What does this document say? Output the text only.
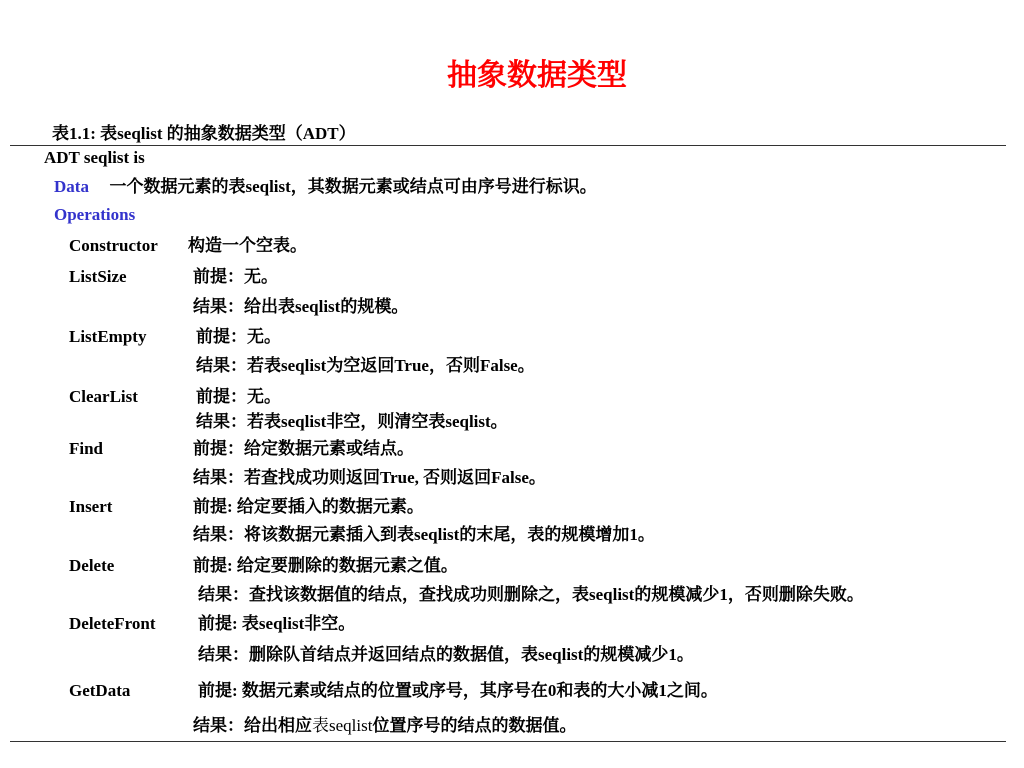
抽象数据类型
表1.1: 表seqlist 的抽象数据类型（ADT）
ADT seqlist is
Data 一个数据元素的表seqlist，其数据元素或结点可由序号进行标识。
Operations
Constructor 构造一个空表。
ListSize	前提：无。
结果：给出表seqlist的规模。
ListEmpty	前提：无。
结果：若表seqlist为空返回True，否则False。
ClearList	前提：无。
结果：若表seqlist非空，则清空表seqlist。
Find	前提：给定数据元素或结点。
结果：若查找成功则返回True, 否则返回False。
Insert	前提: 给定要插入的数据元素。
结果：将该数据元素插入到表seqlist的末尾，表的规模增加1。
Delete	前提: 给定要删除的数据元素之值。
结果：查找该数据值的结点，查找成功则删除之，表seqlist的规模减少1，否则删除失败。
DeleteFront 前提: 表seqlist非空。
结果：删除队首结点并返回结点的数据值，表seqlist的规模减少1。
GetData	前提: 数据元素或结点的位置或序号，其序号在0和表的大小减1之间。
结果：给出相应表seqlist位置序号的结点的数据值。
